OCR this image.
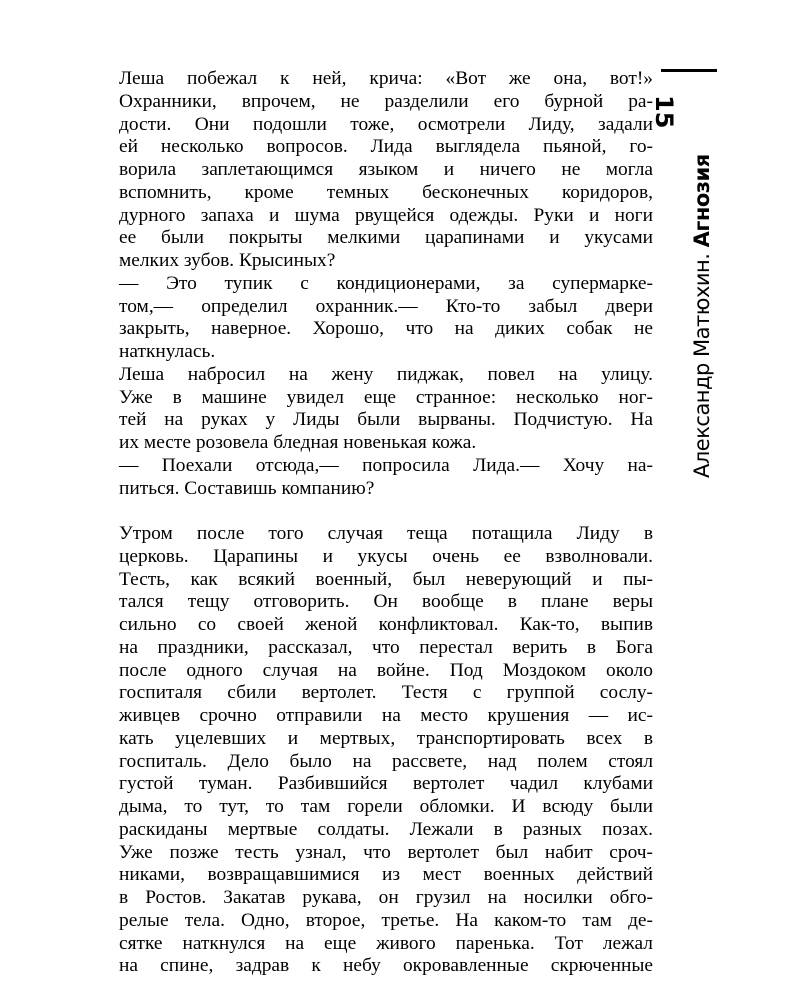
Леша побежал к ней, крича: «Вот же она, вот!»
Охранники, впрочем, не разделили его бурной ра-
дости. Они подошли тоже, осмотрели Лиду, задали
ей несколько вопросов. Лида выглядела пьяной, го-
ворила заплетающимся языком и ничего не могла
вспомнить, кроме темных бесконечных коридоров,
дурного запаха и шума рвущейся одежды. Руки и ноги
ее были покрыты мелкими царапинами и укусами
мелких зубов. Крысиных?
— Это тупик с кондиционерами, за супермарке-
том,— определил охранник.— Кто-то забыл двери
закрыть, наверное. Хорошо, что на диких собак не
наткнулась.
Леша набросил на жену пиджак, повел на улицу.
Уже в машине увидел еще странное: несколько ног-
тей на руках у Лиды были вырваны. Подчистую. На
их месте розовела бледная новенькая кожа.
— Поехали отсюда,— попросила Лида.— Хочу на-
питься. Составишь компанию?
Утром после того случая теща потащила Лиду в
церковь. Царапины и укусы очень ее взволновали.
Тесть, как всякий военный, был неверующий и пы-
тался тещу отговорить. Он вообще в плане веры
сильно со своей женой конфликтовал. Как-то, выпив
на праздники, рассказал, что перестал верить в Бога
после одного случая на войне. Под Моздоком около
госпиталя сбили вертолет. Тестя с группой сослу-
живцев срочно отправили на место крушения — ис-
кать уцелевших и мертвых, транспортировать всех в
госпиталь. Дело было на рассвете, над полем стоял
густой туман. Разбившийся вертолет чадил клубами
дыма, то тут, то там горели обломки. И всюду были
раскиданы мертвые солдаты. Лежали в разных позах.
Уже позже тесть узнал, что вертолет был набит сроч-
никами, возвращавшимися из мест военных действий
в Ростов. Закатав рукава, он грузил на носилки обго-
релые тела. Одно, второе, третье. На каком-то там де-
сятке наткнулся на еще живого паренька. Тот лежал
на спине, задрав к небу окровавленные скрюченные
15
Александр Матюхин. Агнозия
